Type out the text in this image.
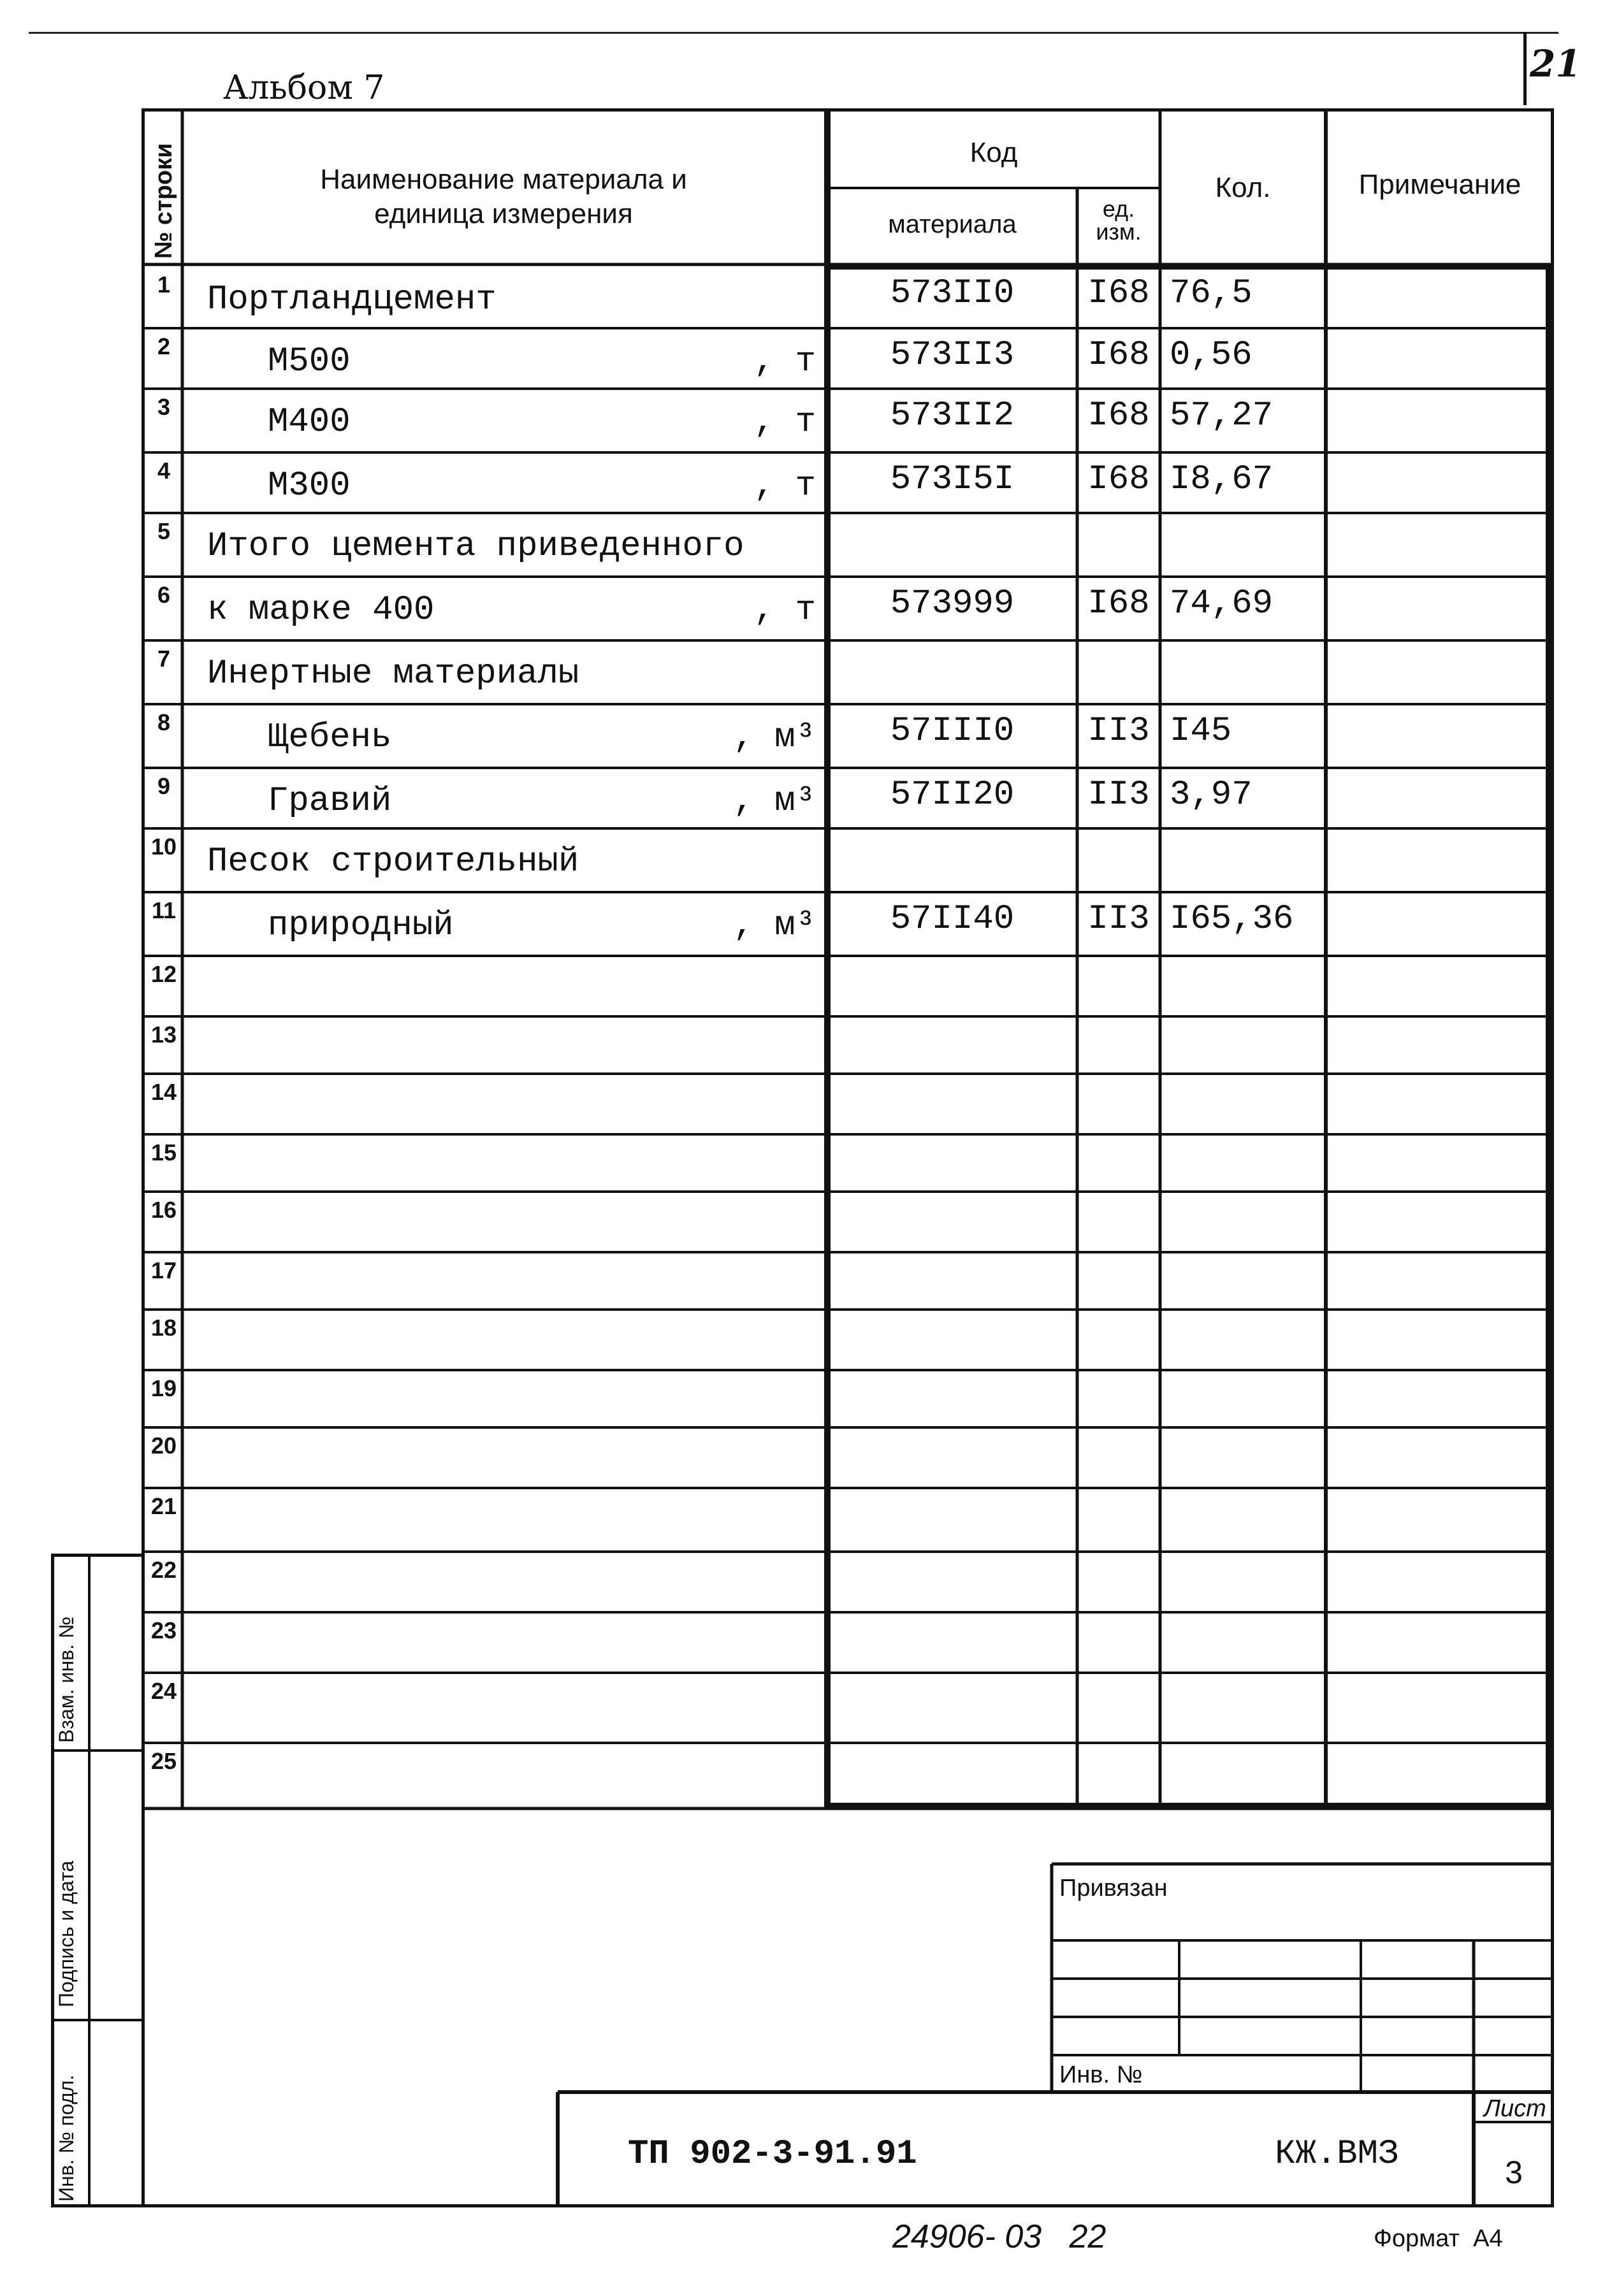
21
Альбом 7
Взам. инв. №
Подпись и дата
Инв. № подл.
№ строки	Наименование материала и единица измерения
Код
материала
ед. изм.
Кол.	Примечание
1 Портландцемент	573II0	I68 76,5
2	М500	, т	573II3	I68 0,56
3	М400	, т	573II2	I68 57,27
4	М300	, т	573I5I	I68 I8,67
5 Итого цемента приведенного
6 к марке 400	, т	573999	I68 74,69
7 Инертные материалы
8	Щебень	, м³	57III0	II3 I45
9	Гравий	, м³	57II20	II3 3,97
10 Песок строительный
11	природный	, м³	57II40	II3 I65,36
12
13
14
15
16
17
18
19
20
21
22
23
24
25
Привязан
Инв. №
ТП 902-3-91.91	КЖ.ВМЗ
Лист
3
24906- 03   22	Формат  А4
